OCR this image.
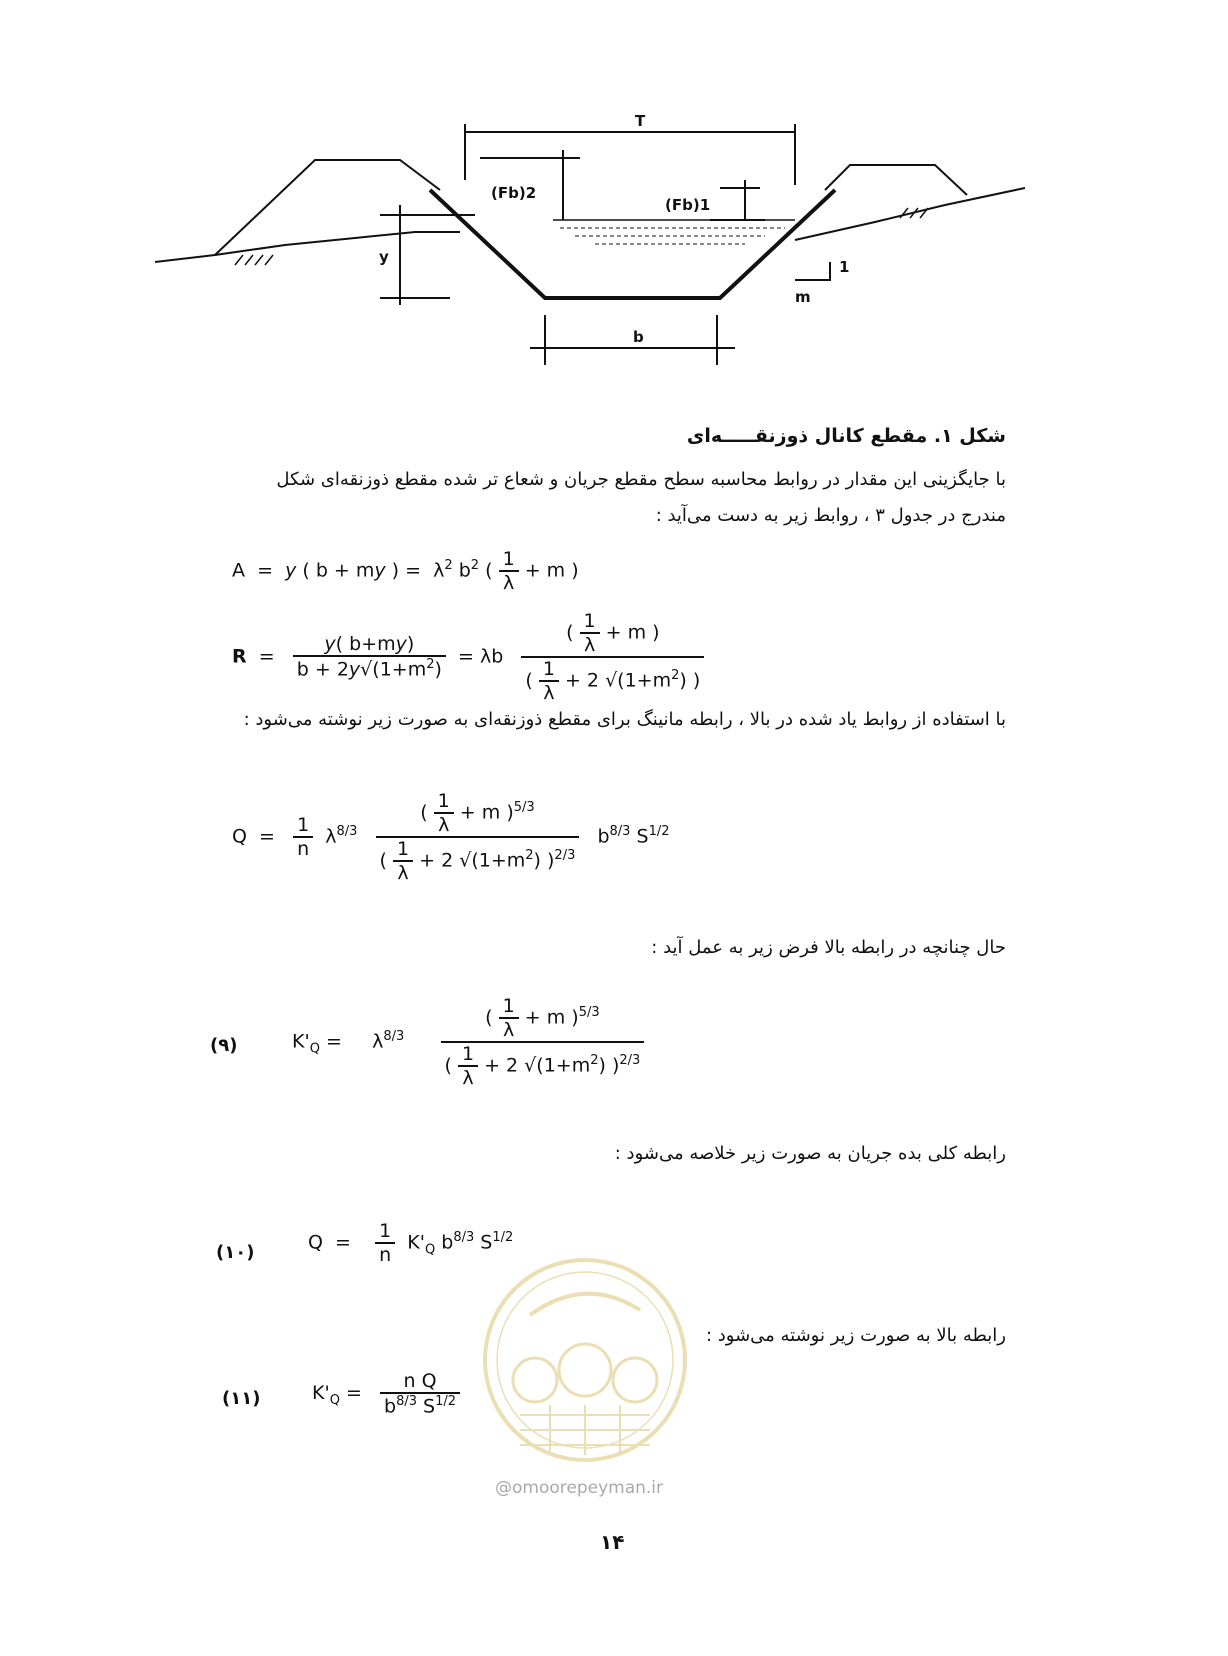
T
(Fb)2
(Fb)1
y
b
1
m
شکل ۱. مقطع کانال ذوزنقـــــه‌ای
با جایگزینی این مقدار در روابط محاسبه سطح مقطع جریان و شعاع تر شده مقطع ذوزنقه‌ای شکل مندرج در جدول ۳ ، روابط زیر به دست می‌آید :
A  =  y ( b + my ) =  $\lambda^2$ $b^2$ ( $\frac{1}{\lambda} + m$ )
$R = \frac{y( b+my)}{b + 2y√(1+m^2)} = \lambda b \frac{( \frac{1}{\lambda} + m )}{( \frac{1}{\lambda} + 2 √(1+m^2) )}$
با استفاده از روابط یاد شده در بالا ، رابطه مانینگ برای مقطع ذوزنقه‌ای به صورت زیر نوشته می‌شود :
$Q = \frac{1}{n} \lambda^{8/3} \frac{( \frac{1}{\lambda} + m )^{5/3}}{( \frac{1}{\lambda} + 2 √(1+m^2) )^{2/3}} b^{8/3}$ $S^{1/2}$
حال چنانچه در رابطه بالا فرض زیر به عمل آید :
(۹)	$K'_Q$ =     $\lambda^{8/3} \frac{( \frac{1}{\lambda} + m )^{5/3}}{( \frac{1}{\lambda} + 2 √(1+m^2) )^{2/3}}$
رابطه کلی بده جریان به صورت زیر خلاصه می‌شود :
(۱۰)	$Q = \frac{1}{n} K'_Q$ $b^{8/3}$ $S^{1/2}$
رابطه بالا به صورت زیر نوشته می‌شود :
(۱۱)	$K'_Q = \frac{\text{n Q}}{b^{8/3} S^{1/2}}$
@omoorepeyman.ir
۱۴
